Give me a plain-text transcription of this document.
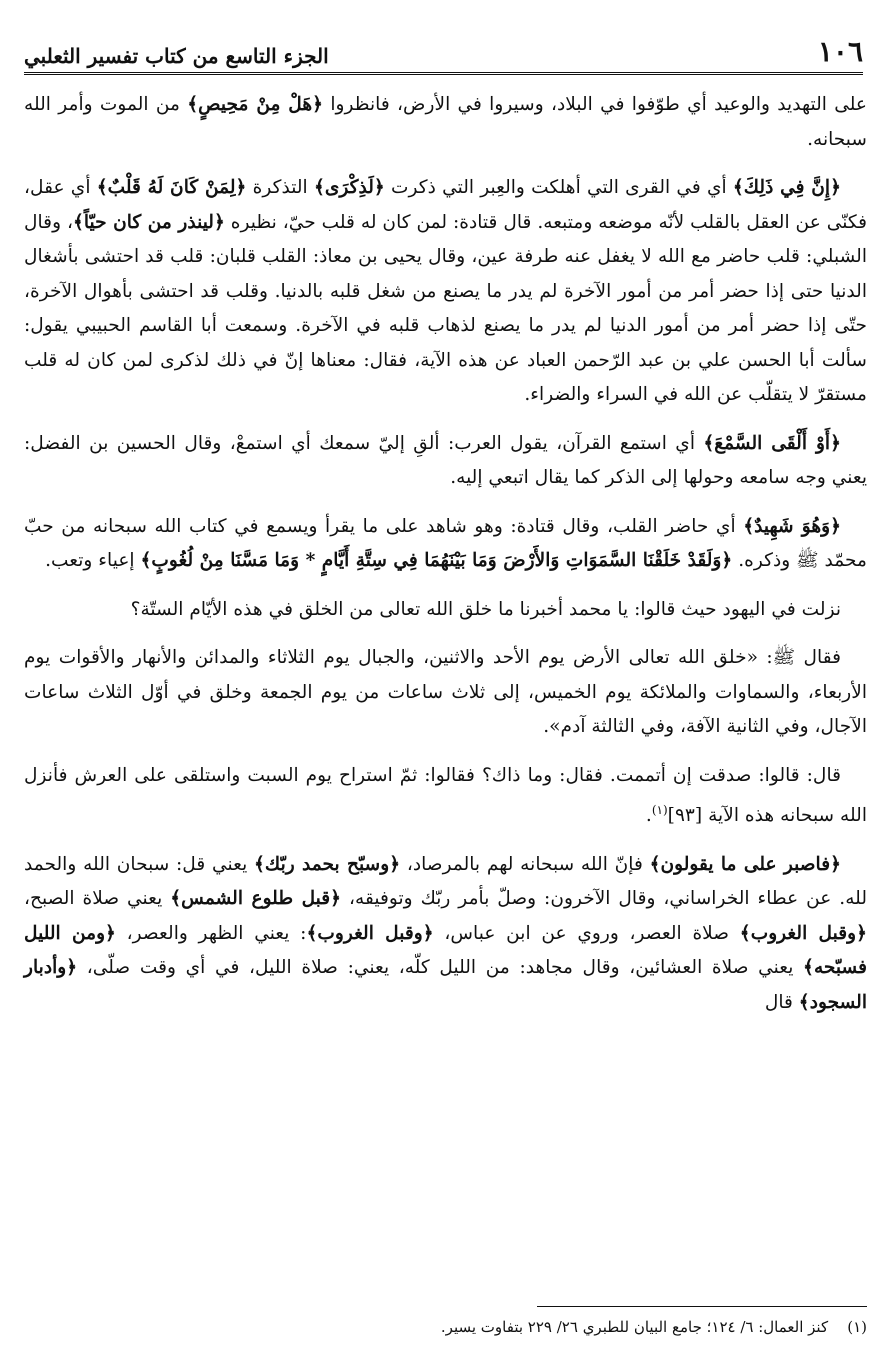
١٠٦
الجزء التاسع من كتاب تفسير الثعلبي

على التهديد والوعيد أي طوّفوا في البلاد، وسيروا في الأرض، فانظروا ﴿هَلْ مِنْ مَحِيصٍ﴾ من الموت وأمر الله سبحانه.

﴿إِنَّ فِي ذَلِكَ﴾ أي في القرى التي أهلكت والعِبر التي ذكرت ﴿لَذِكْرَى﴾ التذكرة ﴿لِمَنْ كَانَ لَهُ قَلْبٌ﴾ أي عقل، فكنّى عن العقل بالقلب لأنّه موضعه ومتبعه. قال قتادة: لمن كان له قلب حيّ، نظيره ﴿لينذر من كان حيّاً﴾، وقال الشبلي: قلب حاضر مع الله لا يغفل عنه طرفة عين، وقال يحيى بن معاذ: القلب قلبان: قلب قد احتشى بأشغال الدنيا حتى إذا حضر أمر من أمور الآخرة لم يدر ما يصنع من شغل قلبه بالدنيا. وقلب قد احتشى بأهوال الآخرة، حتّى إذا حضر أمر من أمور الدنيا لم يدر ما يصنع لذهاب قلبه في الآخرة. وسمعت أبا القاسم الحبيبي يقول: سألت أبا الحسن علي بن عبد الرّحمن العباد عن هذه الآية، فقال: معناها إنّ في ذلك لذكرى لمن كان له قلب مستقرّ لا يتقلّب عن الله في السراء والضراء.

﴿أَوْ أَلْقَى السَّمْعَ﴾ أي استمع القرآن، يقول العرب: ألقِ إليّ سمعك أي استمعْ، وقال الحسين بن الفضل: يعني وجه سامعه وحولها إلى الذكر كما يقال اتبعي إليه.

﴿وَهُوَ شَهِيدٌ﴾ أي حاضر القلب، وقال قتادة: وهو شاهد على ما يقرأ ويسمع في كتاب الله سبحانه من حبّ محمّد ﷺ وذكره. ﴿وَلَقَدْ خَلَقْنَا السَّمَوَاتِ وَالأَرْضَ وَمَا بَيْنَهُمَا فِي سِتَّةِ أَيَّامٍ * وَمَا مَسَّنَا مِنْ لُغُوبٍ﴾ إعياء وتعب.

نزلت في اليهود حيث قالوا: يا محمد أخبرنا ما خلق الله تعالى من الخلق في هذه الأيّام الستّة؟

فقال ﷺ: «خلق الله تعالى الأرض يوم الأحد والاثنين، والجبال يوم الثلاثاء والمدائن والأنهار والأقوات يوم الأربعاء، والسماوات والملائكة يوم الخميس، إلى ثلاث ساعات من يوم الجمعة وخلق في أوّل الثلاث ساعات الآجال، وفي الثانية الآفة، وفي الثالثة آدم».

قال: قالوا: صدقت إن أتممت. فقال: وما ذاك؟ فقالوا: ثمّ استراح يوم السبت واستلقى على العرش فأنزل الله سبحانه هذه الآية [٩٣]$^{(١)}$.

﴿فاصبر على ما يقولون﴾ فإنّ الله سبحانه لهم بالمرصاد، ﴿وسبّح بحمد ربّك﴾ يعني قل: سبحان الله والحمد لله. عن عطاء الخراساني، وقال الآخرون: وصلّ بأمر ربّك وتوفيقه، ﴿قبل طلوع الشمس﴾ يعني صلاة الصبح، ﴿وقبل الغروب﴾ صلاة العصر، وروي عن ابن عباس، ﴿وقبل الغروب﴾: يعني الظهر والعصر، ﴿ومن الليل فسبّحه﴾ يعني صلاة العشائين، وقال مجاهد: من الليل كلّه، يعني: صلاة الليل، في أي وقت صلّى، ﴿وأدبار السجود﴾ قال

(١)    كنز العمال: ٦/ ١٢٤؛ جامع البيان للطبري ٢٦/ ٢٢٩ بتفاوت يسير.
